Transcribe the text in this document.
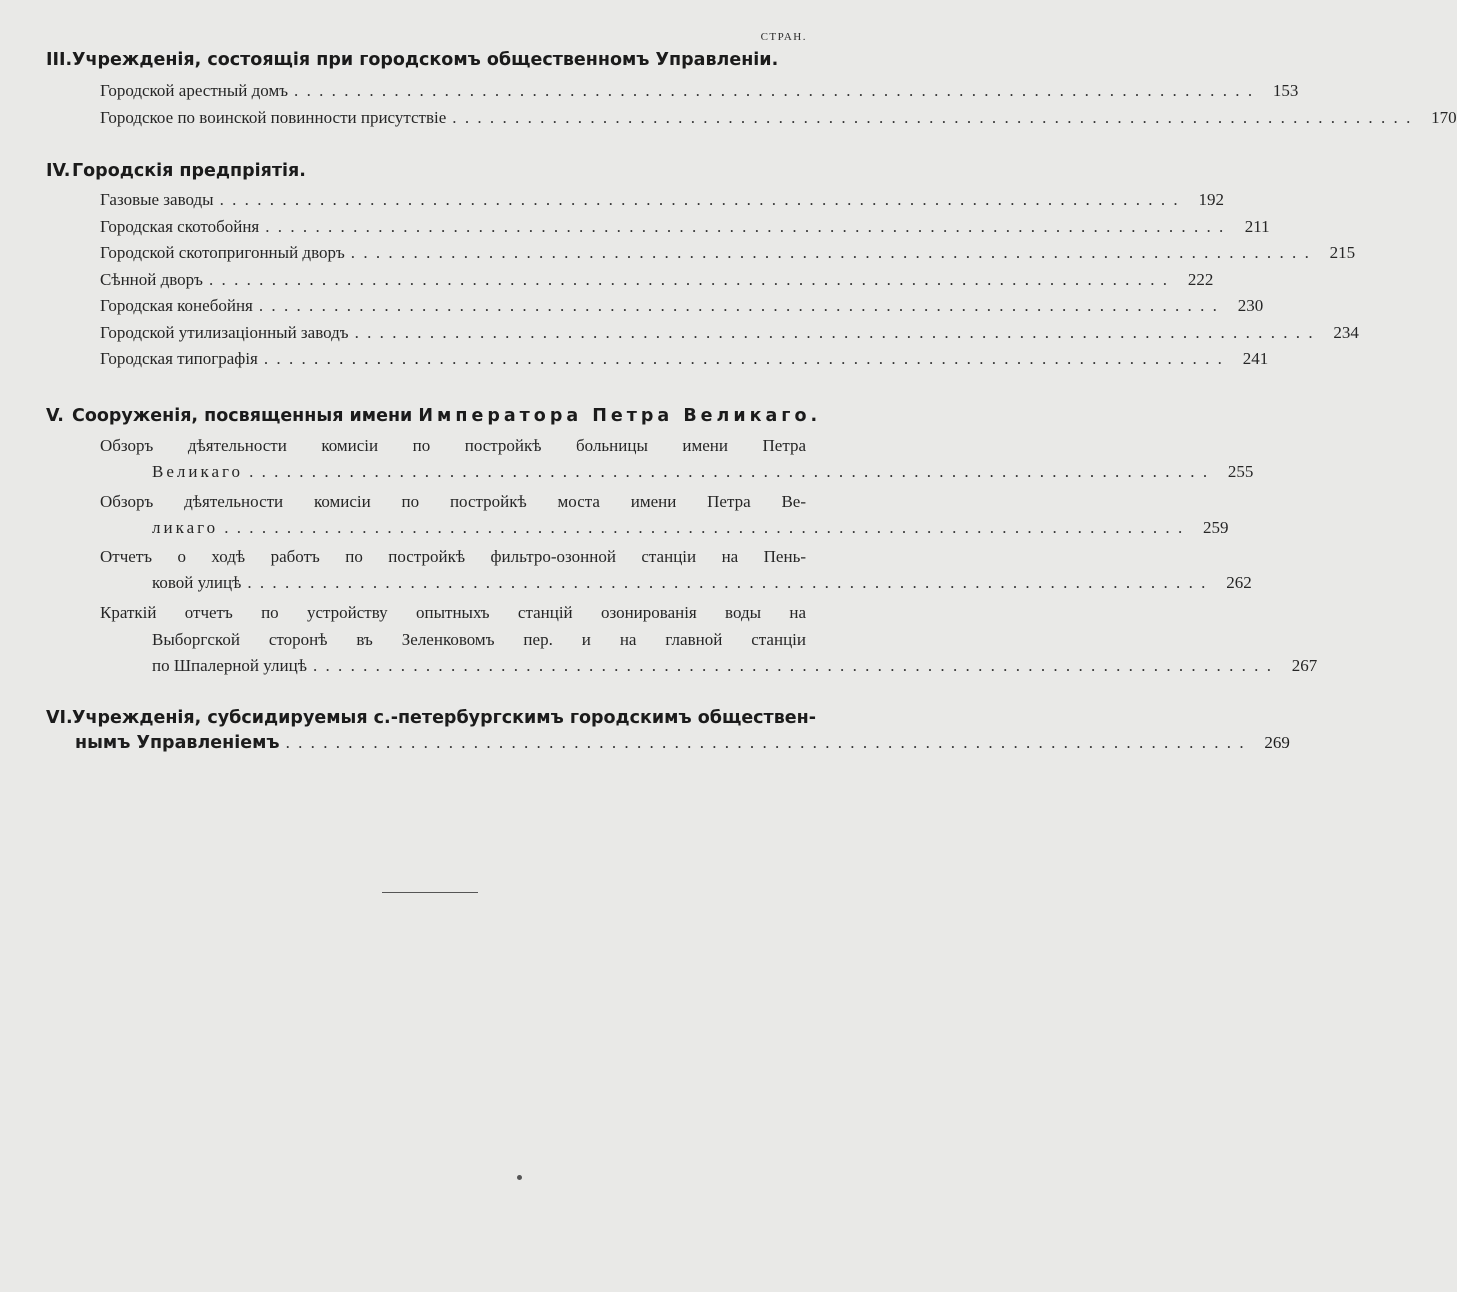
СТРАН.
III.Учрежденія, состоящія при городскомъ общественномъ Управленіи.
Городской арестный домъ ............................................................................. 153
Городское по воинской повинности присутствіе ............................................................................. 170
IV.Городскія предпріятія.
Газовые заводы ............................................................................. 192
Городская скотобойня ............................................................................. 211
Городской скотопригонный дворъ ............................................................................. 215
Сѣнной дворъ ............................................................................. 222
Городская конебойня ............................................................................. 230
Городской утилизаціонный заводъ ............................................................................. 234
Городская типографія ............................................................................. 241
V. Сооруженія, посвященныя имени Императора Петра Великаго.
Обзоръ дѣятельности комисіи по постройкѣ больницы имени Петра
Великаго ............................................................................. 255
Обзоръ дѣятельности комисіи по постройкѣ моста имени Петра Ве-
ликаго ............................................................................. 259
Отчетъ о ходѣ работъ по постройкѣ фильтро-озонной станціи на Пень-
ковой улицѣ ............................................................................. 262
Краткій отчетъ по устройству опытныхъ станцій озонированія воды на
Выборгской сторонѣ въ Зеленковомъ пер. и на главной станціи
по Шпалерной улицѣ ............................................................................. 267
VI.Учрежденія, субсидируемыя с.-петербургскимъ городскимъ обществен-
нымъ Управленіемъ ............................................................................. 269
